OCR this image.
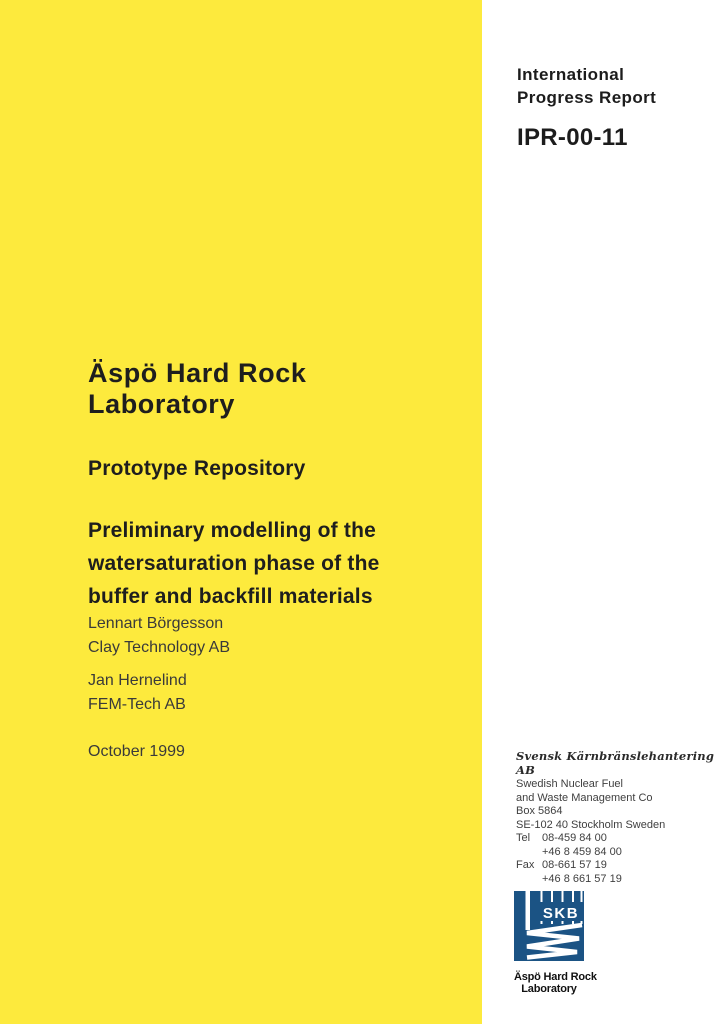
International
Progress Report
IPR-00-11
Äspö Hard Rock Laboratory
Prototype Repository
Preliminary modelling of the
watersaturation phase of the
buffer and backfill materials
Lennart Börgesson
Clay Technology AB
Jan Hernelind
FEM-Tech AB
October 1999	Svensk Kärnbränslehantering AB
Swedish Nuclear Fuel
and Waste Management Co
Box 5864
SE-102 40 Stockholm Sweden
Tel	08-459 84 00
+46 8 459 84 00
Fax 08-661 57 19
+46 8 661 57 19
SKB
Äspö Hard Rock
Laboratory
